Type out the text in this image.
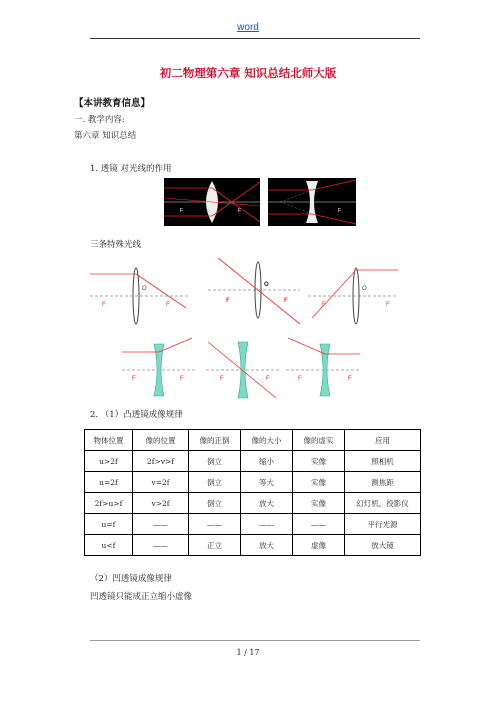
word
初二物理第六章 知识总结北师大版
【本讲教育信息】
一. 教学内容:
第六章 知识总结
1. 透镜 对光线的作用
F	F	F
三条特殊光线
O
F	F
O
F	F
O
F	F
F	F	F	F	F	F
2. （1）凸透镜成像规律
物体位置	像的位置	像的正倒	像的大小	像的虚实	应用
u>2f	2f>v>f	倒立	缩小	实像	照相机
u=2f	v=2f	倒立	等大	实像	测焦距
2f>u>f	v>2f	倒立	放大	实像	幻灯机，投影仪
u=f	——	——	——	——	平行光源
u<f	——	正立	放大	虚像	放大镜
（2）凹透镜成像规律
凹透镜只能成正立缩小虚像
1 / 17
